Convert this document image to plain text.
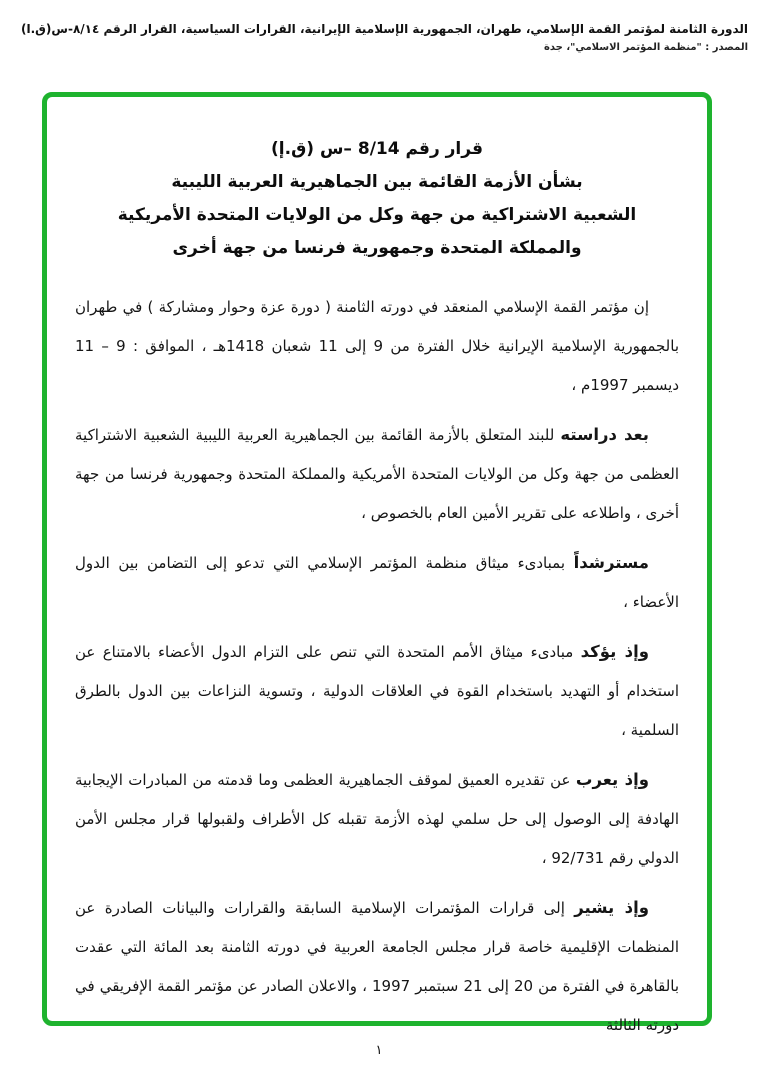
الدورة الثامنة لمؤتمر القمة الإسلامي، طهران، الجمهورية الإسلامية الإيرانية، القرارات السياسية، القرار الرقم ٨/١٤-س(ق.ا)
المصدر : "منظمة المؤتمر الاسلامي"، جدة
قرار رقم 8/14 –س (ق.إ)
بشأن الأزمة القائمة بين الجماهيرية العربية الليبية
الشعبية الاشتراكية من جهة وكل من الولايات المتحدة الأمريكية
والمملكة المتحدة وجمهورية فرنسا من جهة أخرى

إن مؤتمر القمة الإسلامي المنعقد في دورته الثامنة ( دورة عزة وحوار ومشاركة ) في طهران بالجمهورية الإسلامية الإيرانية خلال الفترة من 9 إلى 11 شعبان 1418هـ ، الموافق : 9 – 11 ديسمبر 1997م ،

بعد دراسته للبند المتعلق بالأزمة القائمة بين الجماهيرية العربية الليبية الشعبية الاشتراكية العظمى من جهة وكل من الولايات المتحدة الأمريكية والمملكة المتحدة وجمهورية فرنسا من جهة أخرى ، واطلاعه على تقرير الأمين العام بالخصوص ،

مسترشداً بمبادىء ميثاق منظمة المؤتمر الإسلامي التي تدعو إلى التضامن بين الدول الأعضاء ،

وإذ يؤكد مبادىء ميثاق الأمم المتحدة التي تنص على التزام الدول الأعضاء بالامتناع عن استخدام أو التهديد باستخدام القوة في العلاقات الدولية ، وتسوية النزاعات بين الدول بالطرق السلمية ،

وإذ يعرب عن تقديره العميق لموقف الجماهيرية العظمى وما قدمته من المبادرات الإيجابية الهادفة إلى الوصول إلى حل سلمي لهذه الأزمة تقبله كل الأطراف ولقبولها قرار مجلس الأمن الدولي رقم 92/731 ،

وإذ يشير إلى قرارات المؤتمرات الإسلامية السابقة والقرارات والبيانات الصادرة عن المنظمات الإقليمية خاصة قرار مجلس الجامعة العربية في دورته الثامنة بعد المائة التي عقدت بالقاهرة في الفترة من 20 إلى 21 سبتمبر 1997 ، والاعلان الصادر عن مؤتمر القمة الإفريقي في دورته الثالثة

١
